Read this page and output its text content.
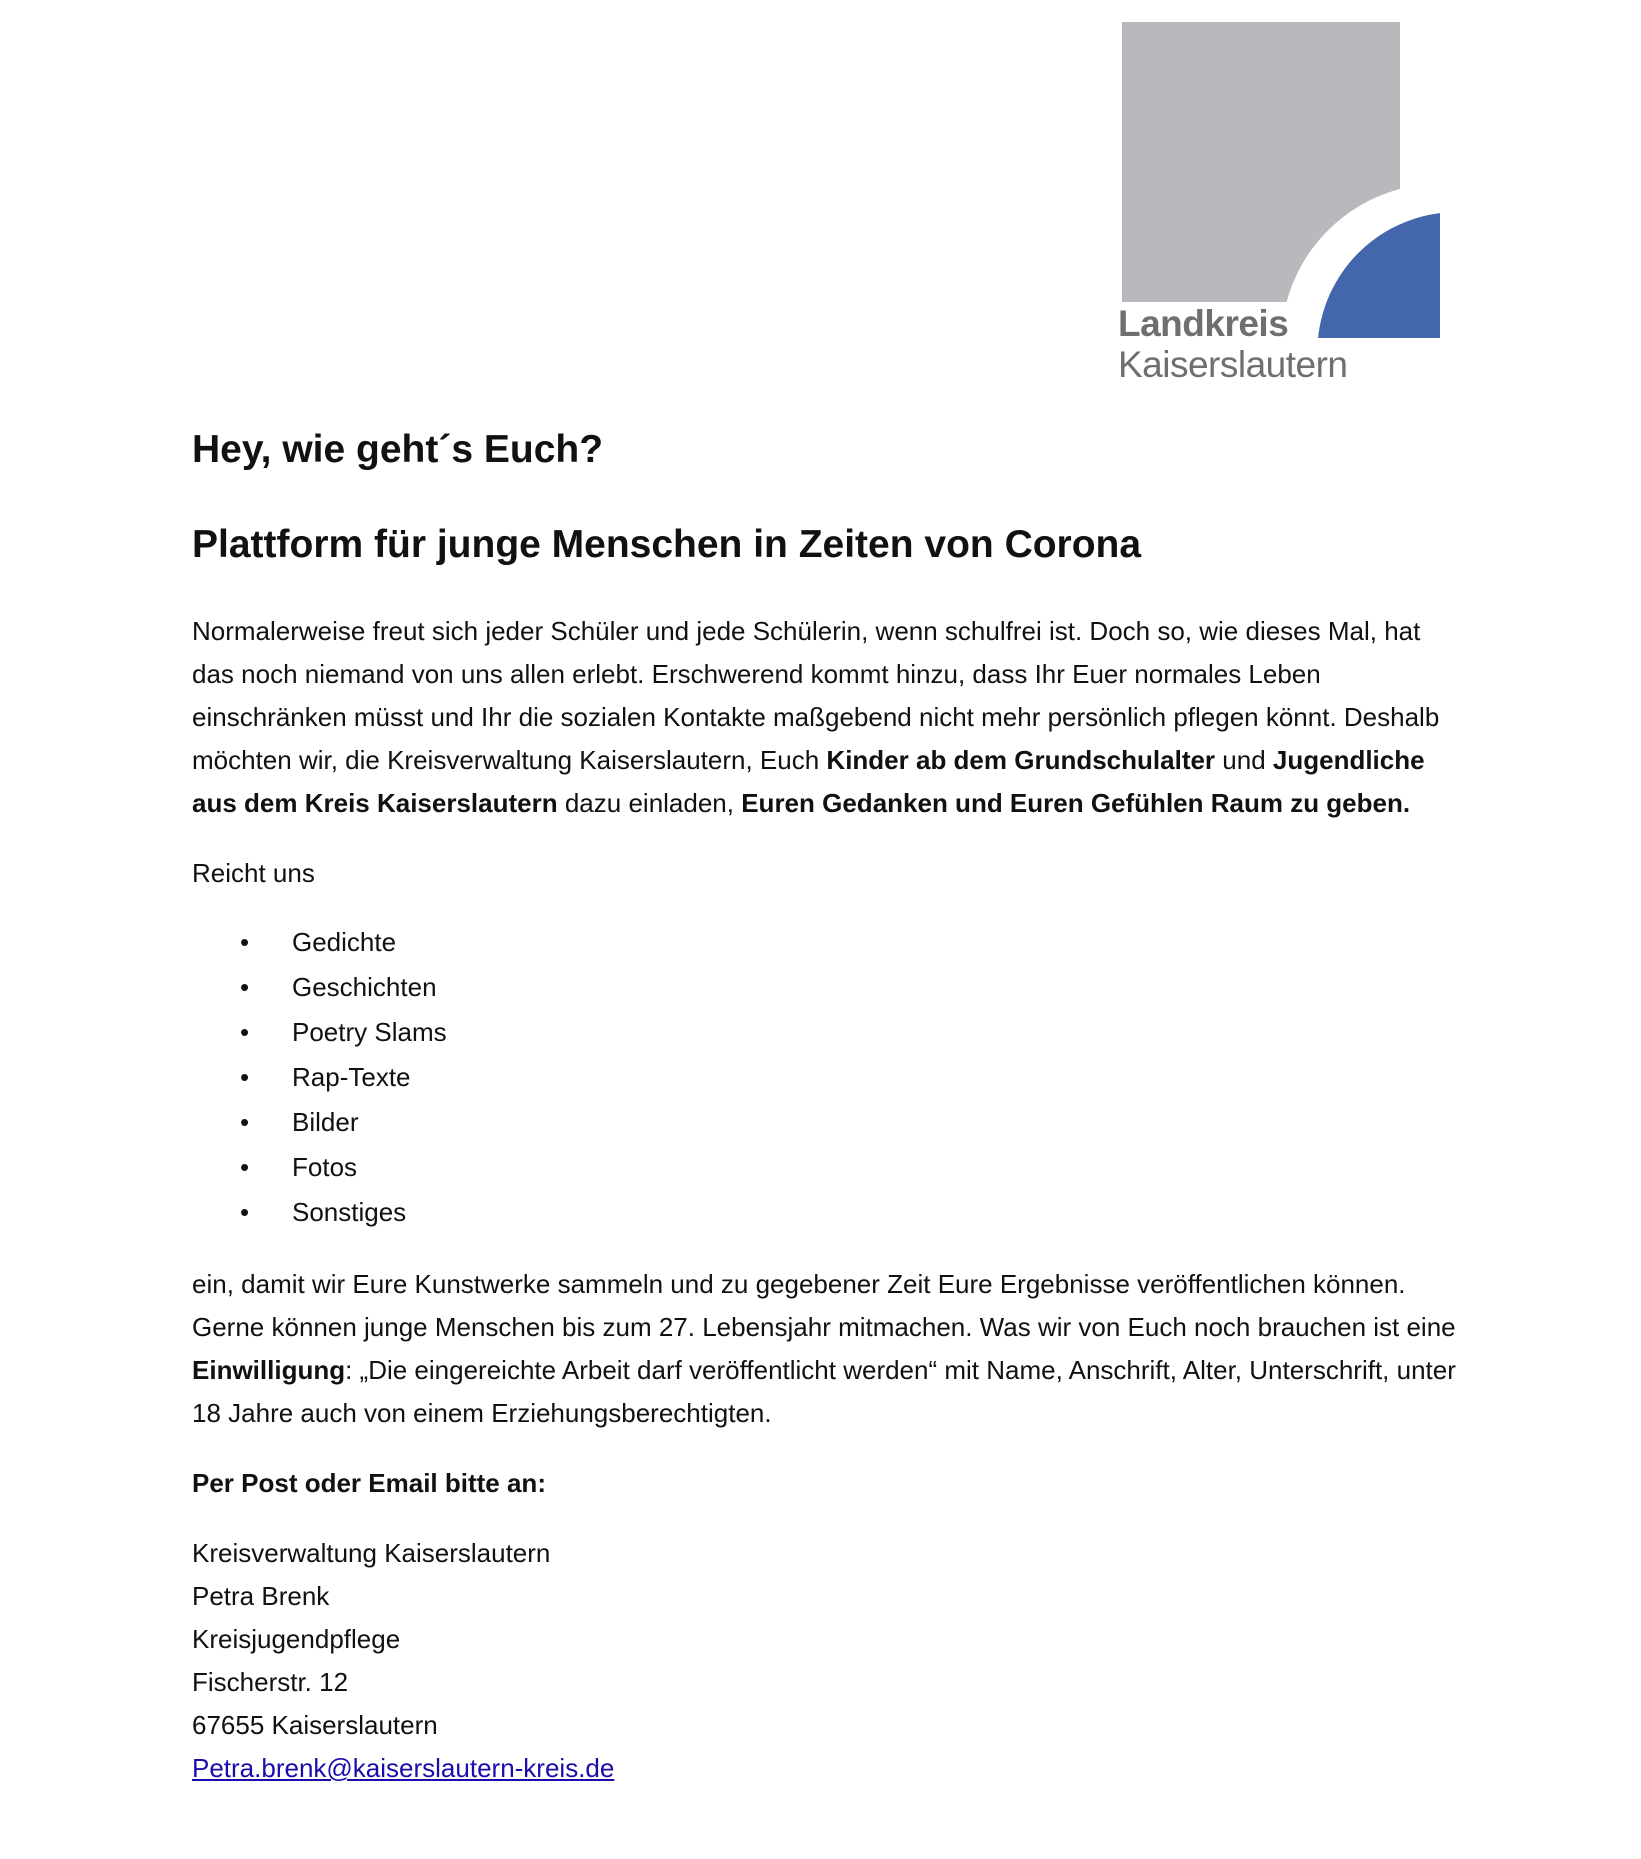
Landkreis
Kaiserslautern
Hey, wie geht´s Euch?
Plattform für junge Menschen in Zeiten von Corona

Normalerweise freut sich jeder Schüler und jede Schülerin, wenn schulfrei ist. Doch so, wie dieses Mal, hat das noch niemand von uns allen erlebt. Erschwerend kommt hinzu, dass Ihr Euer normales Leben einschränken müsst und Ihr die sozialen Kontakte maßgebend nicht mehr persönlich pflegen könnt. Deshalb möchten wir, die Kreisverwaltung Kaiserslautern, Euch Kinder ab dem Grundschulalter und Jugendliche aus dem Kreis Kaiserslautern dazu einladen, Euren Gedanken und Euren Gefühlen Raum zu geben.

Reicht uns

• Gedichte
• Geschichten
• Poetry Slams
• Rap-Texte
• Bilder
• Fotos
• Sonstiges

ein, damit wir Eure Kunstwerke sammeln und zu gegebener Zeit Eure Ergebnisse veröffentlichen können. Gerne können junge Menschen bis zum 27. Lebensjahr mitmachen. Was wir von Euch noch brauchen ist eine Einwilligung: „Die eingereichte Arbeit darf veröffentlicht werden“ mit Name, Anschrift, Alter, Unterschrift, unter 18 Jahre auch von einem Erziehungsberechtigten.

Per Post oder Email bitte an:

Kreisverwaltung Kaiserslautern

Petra Brenk

Kreisjugendpflege

Fischerstr. 12

67655 Kaiserslautern

Petra.brenk@kaiserslautern-kreis.de
